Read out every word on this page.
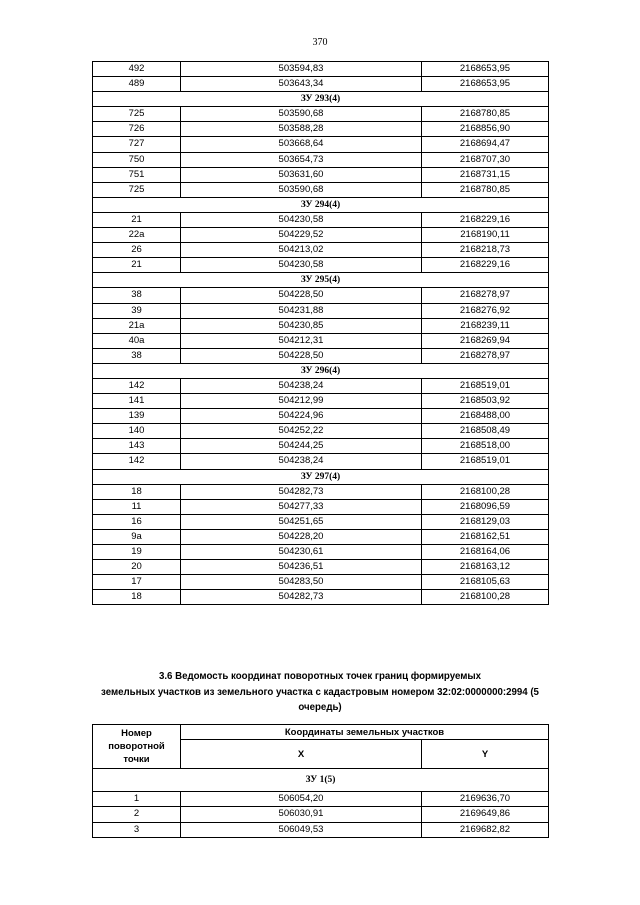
370
492	503594,83	2168653,95
489	503643,34	2168653,95
ЗУ 293(4)		
725	503590,68	2168780,85
726	503588,28	2168856,90
727	503668,64	2168694,47
750	503654,73	2168707,30
751	503631,60	2168731,15
725	503590,68	2168780,85
ЗУ 294(4)		
21	504230,58	2168229,16
22а	504229,52	2168190,11
26	504213,02	2168218,73
21	504230,58	2168229,16
ЗУ 295(4)		
38	504228,50	2168278,97
39	504231,88	2168276,92
21а	504230,85	2168239,11
40а	504212,31	2168269,94
38	504228,50	2168278,97
ЗУ 296(4)		
142	504238,24	2168519,01
141	504212,99	2168503,92
139	504224,96	2168488,00
140	504252,22	2168508,49
143	504244,25	2168518,00
142	504238,24	2168519,01
ЗУ 297(4)		
18	504282,73	2168100,28
11	504277,33	2168096,59
16	504251,65	2168129,03
9а	504228,20	2168162,51
19	504230,61	2168164,06
20	504236,51	2168163,12
17	504283,50	2168105,63
18	504282,73	2168100,28
3.6 Ведомость координат поворотных точек границ формируемых
земельных участков из земельного участка с кадастровым номером 32:02:0000000:2994 (5
очередь)
Номер поворотной точки	Координаты земельных участков	
	X	Y
ЗУ 1(5)		
1	506054,20	2169636,70
2	506030,91	2169649,86
3	506049,53	2169682,82
